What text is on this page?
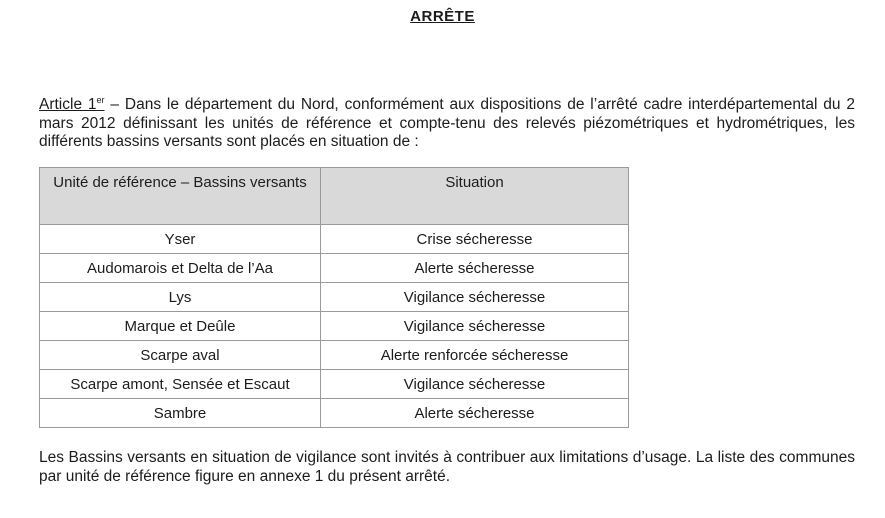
ARRÊTE

Article 1er – Dans le département du Nord, conformément aux dispositions de l’arrêté cadre interdépartemental du 2 mars 2012 définissant les unités de référence et compte-tenu des relevés piézométriques et hydrométriques, les différents bassins versants sont placés en situation de :

Unité de référence – Bassins versants	Situation
Yser	Crise sécheresse
Audomarois et Delta de l’Aa	Alerte sécheresse
Lys	Vigilance sécheresse
Marque et Deûle	Vigilance sécheresse
Scarpe aval	Alerte renforcée sécheresse
Scarpe amont, Sensée et Escaut	Vigilance sécheresse
Sambre	Alerte sécheresse

Les Bassins versants en situation de vigilance sont invités à contribuer aux limitations d’usage. La liste des communes par unité de référence figure en annexe 1 du présent arrêté.
